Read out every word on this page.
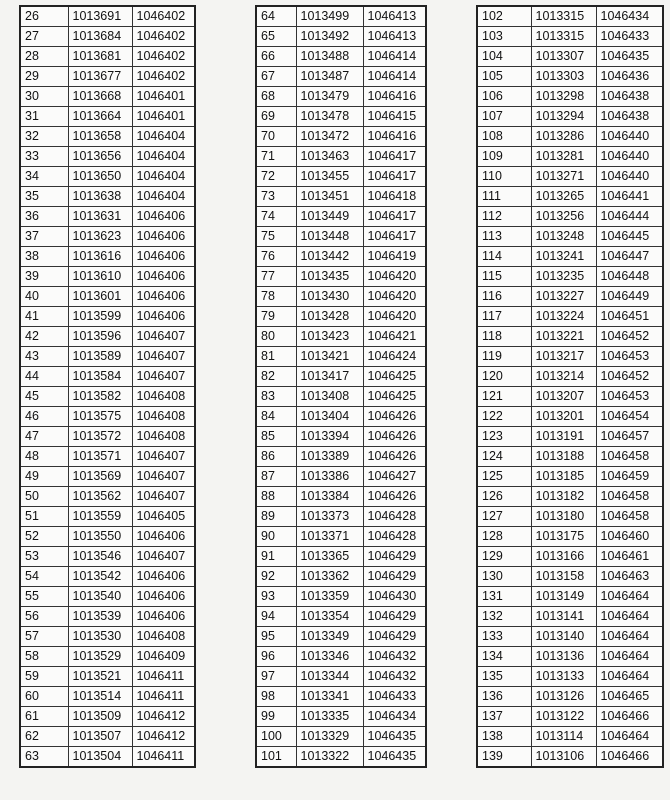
26	1013691	1046402
27	1013684	1046402
28	1013681	1046402
29	1013677	1046402
30	1013668	1046401
31	1013664	1046401
32	1013658	1046404
33	1013656	1046404
34	1013650	1046404
35	1013638	1046404
36	1013631	1046406
37	1013623	1046406
38	1013616	1046406
39	1013610	1046406
40	1013601	1046406
41	1013599	1046406
42	1013596	1046407
43	1013589	1046407
44	1013584	1046407
45	1013582	1046408
46	1013575	1046408
47	1013572	1046408
48	1013571	1046407
49	1013569	1046407
50	1013562	1046407
51	1013559	1046405
52	1013550	1046406
53	1013546	1046407
54	1013542	1046406
55	1013540	1046406
56	1013539	1046406
57	1013530	1046408
58	1013529	1046409
59	1013521	1046411
60	1013514	1046411
61	1013509	1046412
62	1013507	1046412
63	1013504	1046411
64	1013499	1046413
65	1013492	1046413
66	1013488	1046414
67	1013487	1046414
68	1013479	1046416
69	1013478	1046415
70	1013472	1046416
71	1013463	1046417
72	1013455	1046417
73	1013451	1046418
74	1013449	1046417
75	1013448	1046417
76	1013442	1046419
77	1013435	1046420
78	1013430	1046420
79	1013428	1046420
80	1013423	1046421
81	1013421	1046424
82	1013417	1046425
83	1013408	1046425
84	1013404	1046426
85	1013394	1046426
86	1013389	1046426
87	1013386	1046427
88	1013384	1046426
89	1013373	1046428
90	1013371	1046428
91	1013365	1046429
92	1013362	1046429
93	1013359	1046430
94	1013354	1046429
95	1013349	1046429
96	1013346	1046432
97	1013344	1046432
98	1013341	1046433
99	1013335	1046434
100	1013329	1046435
101	1013322	1046435
102	1013315	1046434
103	1013315	1046433
104	1013307	1046435
105	1013303	1046436
106	1013298	1046438
107	1013294	1046438
108	1013286	1046440
109	1013281	1046440
110	1013271	1046440
111	1013265	1046441
112	1013256	1046444
113	1013248	1046445
114	1013241	1046447
115	1013235	1046448
116	1013227	1046449
117	1013224	1046451
118	1013221	1046452
119	1013217	1046453
120	1013214	1046452
121	1013207	1046453
122	1013201	1046454
123	1013191	1046457
124	1013188	1046458
125	1013185	1046459
126	1013182	1046458
127	1013180	1046458
128	1013175	1046460
129	1013166	1046461
130	1013158	1046463
131	1013149	1046464
132	1013141	1046464
133	1013140	1046464
134	1013136	1046464
135	1013133	1046464
136	1013126	1046465
137	1013122	1046466
138	1013114	1046464
139	1013106	1046466
